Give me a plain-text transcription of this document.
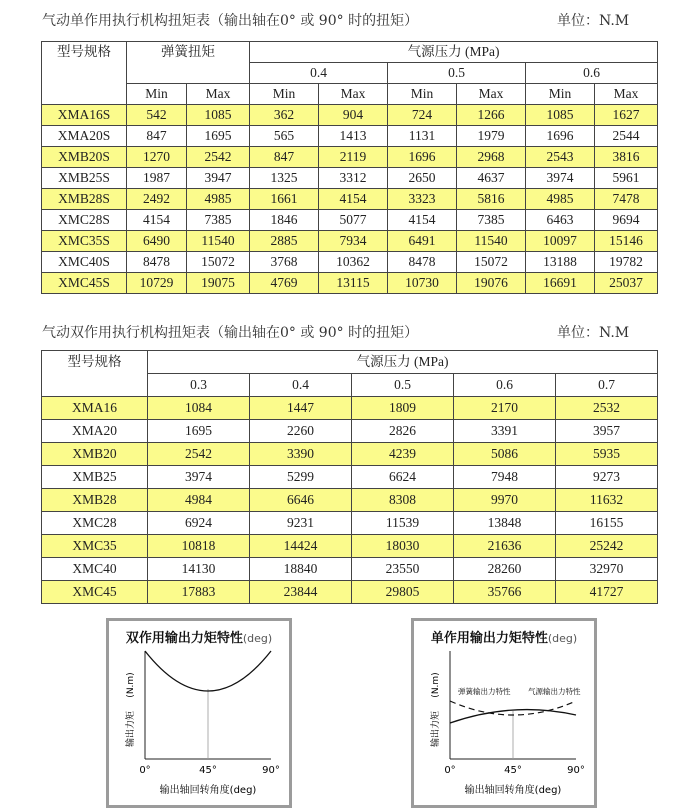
气动单作用执行机构扭矩表（输出轴在0° 或 90° 时的扭矩）	单位：N.M
型号规格	弹簧扭矩		气源压力 (MPa)					
			0.4		0.5		0.6	
	Min	Max	Min	Max	Min	Max	Min	Max
XMA16S	542	1085	362	904	724	1266	1085	1627
XMA20S	847	1695	565	1413	1131	1979	1696	2544
XMB20S	1270	2542	847	2119	1696	2968	2543	3816
XMB25S	1987	3947	1325	3312	2650	4637	3974	5961
XMB28S	2492	4985	1661	4154	3323	5816	4985	7478
XMC28S	4154	7385	1846	5077	4154	7385	6463	9694
XMC35S	6490	11540	2885	7934	6491	11540	10097	15146
XMC40S	8478	15072	3768	10362	8478	15072	13188	19782
XMC45S	10729	19075	4769	13115	10730	19076	16691	25037
气动双作用执行机构扭矩表（输出轴在0° 或 90° 时的扭矩）	单位：N.M
型号规格	气源压力 (MPa)				
	0.3	0.4	0.5	0.6	0.7
XMA16	1084	1447	1809	2170	2532
XMA20	1695	2260	2826	3391	3957
XMB20	2542	3390	4239	5086	5935
XMB25	3974	5299	6624	7948	9273
XMB28	4984	6646	8308	9970	11632
XMC28	6924	9231	11539	13848	16155
XMC35	10818	14424	18030	21636	25242
XMC40	14130	18840	23550	28260	32970
XMC45	17883	23844	29805	35766	41727
双作用输出力矩特性(deg)
0°	45°	90°
输出轴回转角度(deg)
(N.m)
输出力矩
单作用输出力矩特性(deg)
弹簧输出力特性 气源输出力特性
0°	45°	90°
输出轴回转角度(deg)
(N.m)
输出力矩
